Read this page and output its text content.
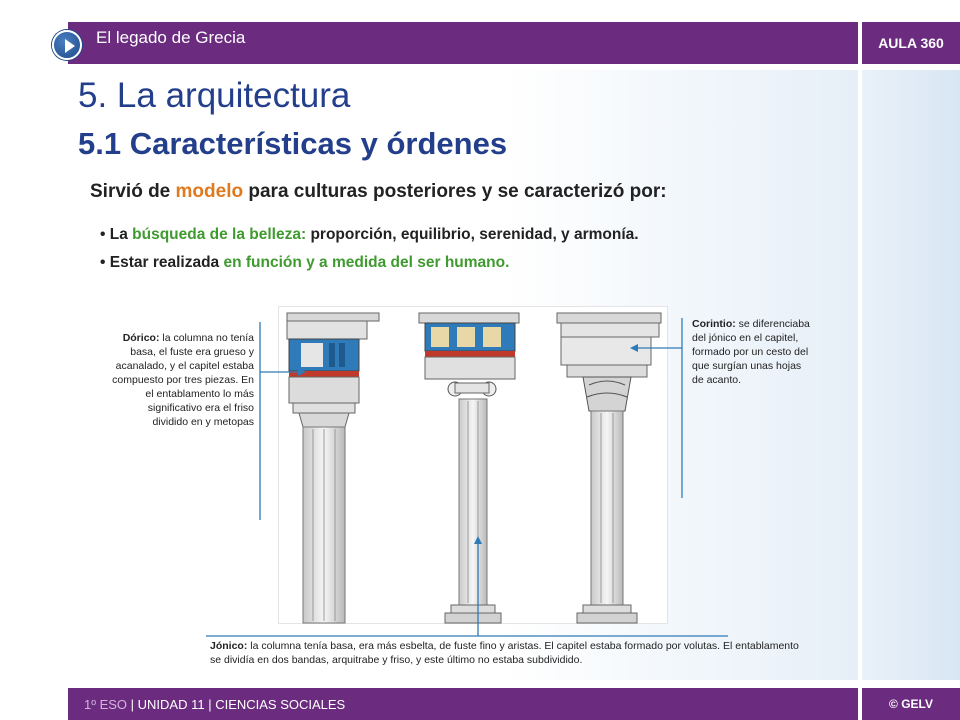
El legado de Grecia	AULA 360
5. La arquitectura
5.1 Características y órdenes

Sirvió de modelo para culturas posteriores y se caracterizó por:

• La búsqueda de la belleza: proporción, equilibrio, serenidad, y armonía.
• Estar realizada en función y a medida del ser humano.
Dórico: la columna no tenía basa, el fuste era grueso y acanalado, y el capitel estaba compuesto por tres piezas. En el entablamento lo más significativo era el friso dividido en y metopas
Corintio: se diferenciaba del jónico en el capitel, formado por un cesto del que surgían unas hojas de acanto.
Jónico: la columna tenía basa, era más esbelta, de fuste fino y aristas. El capitel estaba formado por volutas. El entablamento se dividía en dos bandas, arquitrabe y friso, y este último no estaba subdividido.
1º ESO | UNIDAD 11 | CIENCIAS SOCIALES	© GELV
